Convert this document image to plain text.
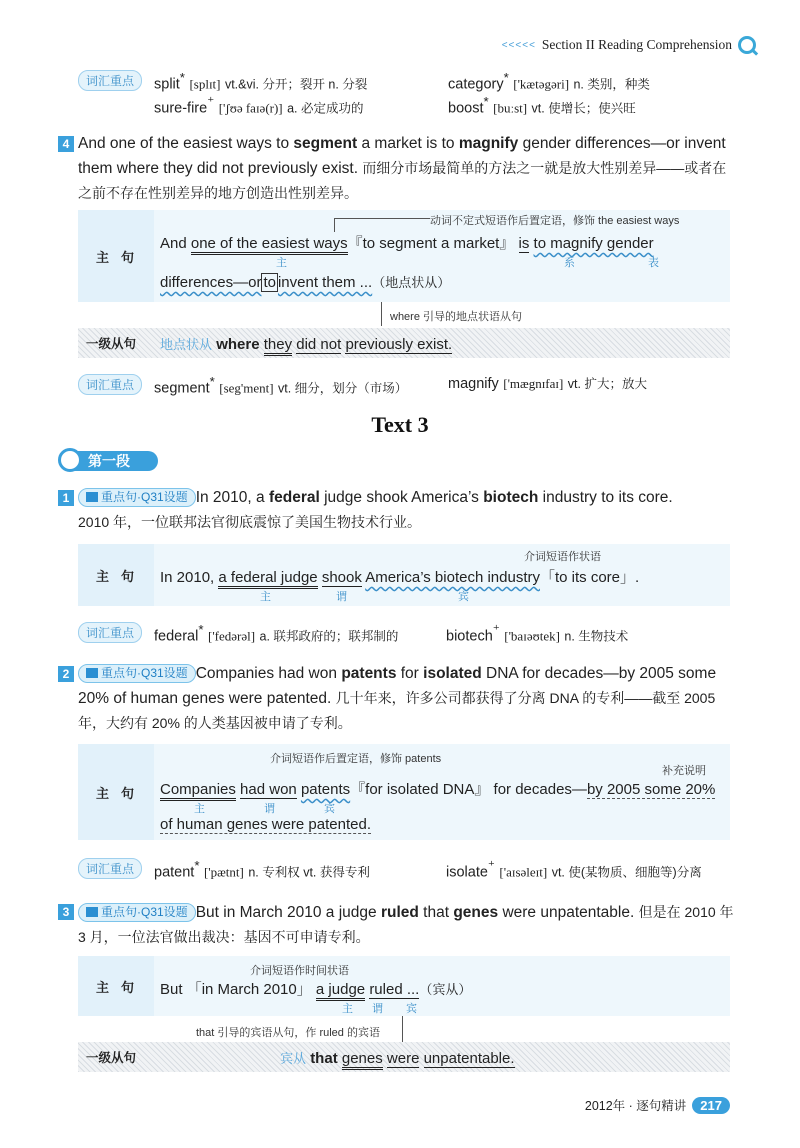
<<<<< Section II Reading Comprehension
词汇重点	split* [splɪt] vt.&vi. 分开；裂开 n. 分裂	category* ['kætəgəri] n. 类别，种类
sure-fire⁺ ['ʃʊə faɪə(r)] a. 必定成功的	boost* [buːst] vt. 使增长；使兴旺
4 And one of the easiest ways to segment a market is to magnify gender differences—or invent them where they did not previously exist. 而细分市场最简单的方法之一就是放大性别差异——或者在之前不存在性别差异的地方创造出性别差异。
主句
动词不定式短语作后置定语，修饰 the easiest ways
And one of the easiest ways『to segment a market』 is to magnify gender
主	系	表
differences—or to invent them ...（地点状从）
where 引导的地点状语从句
一级从句	地点状从 where they did not previously exist.
词汇重点	segment* [seg'ment] vt. 细分，划分（市场）	magnify ['mægnɪfaɪ] vt. 扩大；放大
Text 3
第一段
1	重点句·Q31设题 In 2010, a federal judge shook America’s biotech industry to its core.
2010 年，一位联邦法官彻底震惊了美国生物技术行业。
主句
介词短语作状语
In 2010, a federal judge shook America’s biotech industry「to its core」.
主	谓	宾
词汇重点	federal* ['fedərəl] a. 联邦政府的；联邦制的	biotech⁺ ['baɪəʊtek] n. 生物技术
2	重点句·Q31设题 Companies had won patents for isolated DNA for decades—by 2005 some 20% of human genes were patented. 几十年来，许多公司都获得了分离 DNA 的专利——截至 2005 年，大约有 20% 的人类基因被申请了专利。
主句
介词短语作后置定语，修饰 patents
补充说明
Companies had won patents『for isolated DNA』 for decades—by 2005 some 20%
主	谓	宾
of human genes were patented.
词汇重点	patent* ['pætnt] n. 专利权 vt. 获得专利	isolate⁺ ['aɪsəleɪt] vt. 使(某物质、细胞等)分离
3	重点句·Q31设题 But in March 2010 a judge ruled that genes were unpatentable. 但是在 2010 年 3 月，一位法官做出裁决：基因不可申请专利。
主句
介词短语作时间状语
But 「in March 2010」 a judge ruled ...（宾从）
主 谓 宾
that 引导的宾语从句，作 ruled 的宾语
一级从句	宾从 that genes were unpatentable.
2012年 · 逐句精讲	217
